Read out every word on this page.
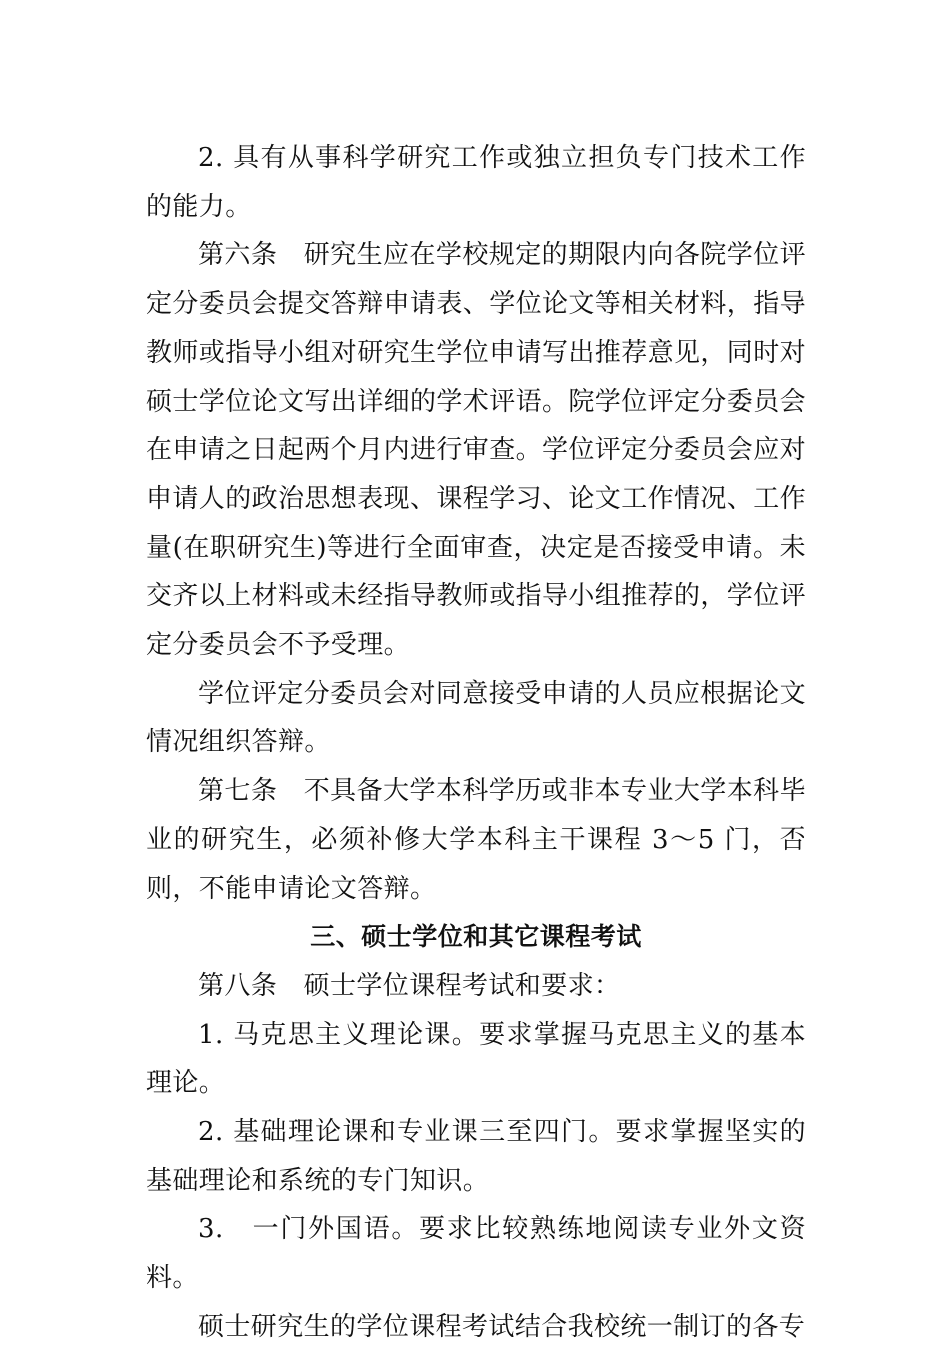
2. 具有从事科学研究工作或独立担负专门技术工作的能力。

第六条　研究生应在学校规定的期限内向各院学位评定分委员会提交答辩申请表、学位论文等相关材料，指导教师或指导小组对研究生学位申请写出推荐意见，同时对硕士学位论文写出详细的学术评语。院学位评定分委员会在申请之日起两个月内进行审查。学位评定分委员会应对申请人的政治思想表现、课程学习、论文工作情况、工作量(在职研究生)等进行全面审查，决定是否接受申请。未交齐以上材料或未经指导教师或指导小组推荐的，学位评定分委员会不予受理。

学位评定分委员会对同意接受申请的人员应根据论文情况组织答辩。

第七条　不具备大学本科学历或非本专业大学本科毕业的研究生，必须补修大学本科主干课程 3～5 门，否则，不能申请论文答辩。

三、硕士学位和其它课程考试

第八条　硕士学位课程考试和要求：

1. 马克思主义理论课。要求掌握马克思主义的基本理论。

2. 基础理论课和专业课三至四门。要求掌握坚实的基础理论和系统的专门知识。

3.　一门外国语。要求比较熟练地阅读专业外文资料。

硕士研究生的学位课程考试结合我校统一制订的各专
